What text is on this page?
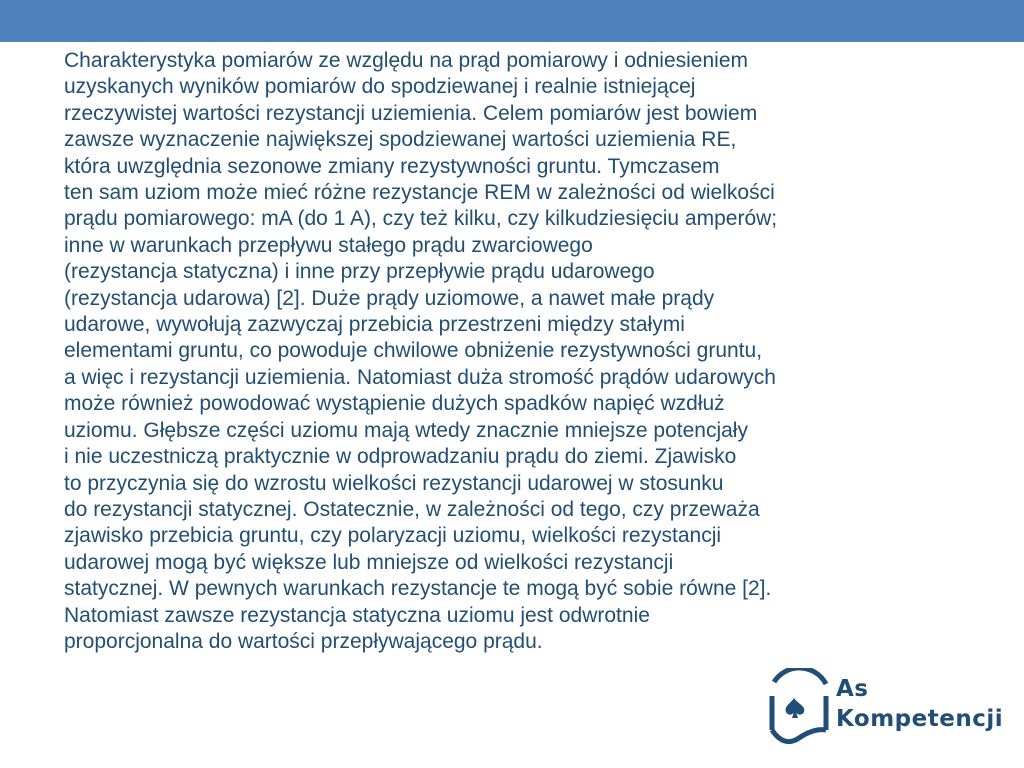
Charakterystyka pomiarów ze względu na prąd pomiarowy i odniesieniem
uzyskanych wyników pomiarów do spodziewanej i realnie istniejącej
rzeczywistej wartości rezystancji uziemienia. Celem pomiarów jest bowiem
zawsze wyznaczenie największej spodziewanej wartości uziemienia RE,
która uwzględnia sezonowe zmiany rezystywności gruntu. Tymczasem
ten sam uziom może mieć różne rezystancje REM w zależności od wielkości
prądu pomiarowego: mA (do 1 A), czy też kilku, czy kilkudziesięciu amperów;
inne w warunkach przepływu stałego prądu zwarciowego
(rezystancja statyczna) i inne przy przepływie prądu udarowego
(rezystancja udarowa) [2]. Duże prądy uziomowe, a nawet małe prądy
udarowe, wywołują zazwyczaj przebicia przestrzeni między stałymi
elementami gruntu, co powoduje chwilowe obniżenie rezystywności gruntu,
a więc i rezystancji uziemienia. Natomiast duża stromość prądów udarowych
może również powodować wystąpienie dużych spadków napięć wzdłuż
uziomu. Głębsze części uziomu mają wtedy znacznie mniejsze potencjały
i nie uczestniczą praktycznie w odprowadzaniu prądu do ziemi. Zjawisko
to przyczynia się do wzrostu wielkości rezystancji udarowej w stosunku
do rezystancji statycznej. Ostatecznie, w zależności od tego, czy przeważa
zjawisko przebicia gruntu, czy polaryzacji uziomu, wielkości rezystancji
udarowej mogą być większe lub mniejsze od wielkości rezystancji
statycznej. W pewnych warunkach rezystancje te mogą być sobie równe [2].
Natomiast zawsze rezystancja statyczna uziomu jest odwrotnie
proporcjonalna do wartości przepływającego prądu.
As
Kompetencji
